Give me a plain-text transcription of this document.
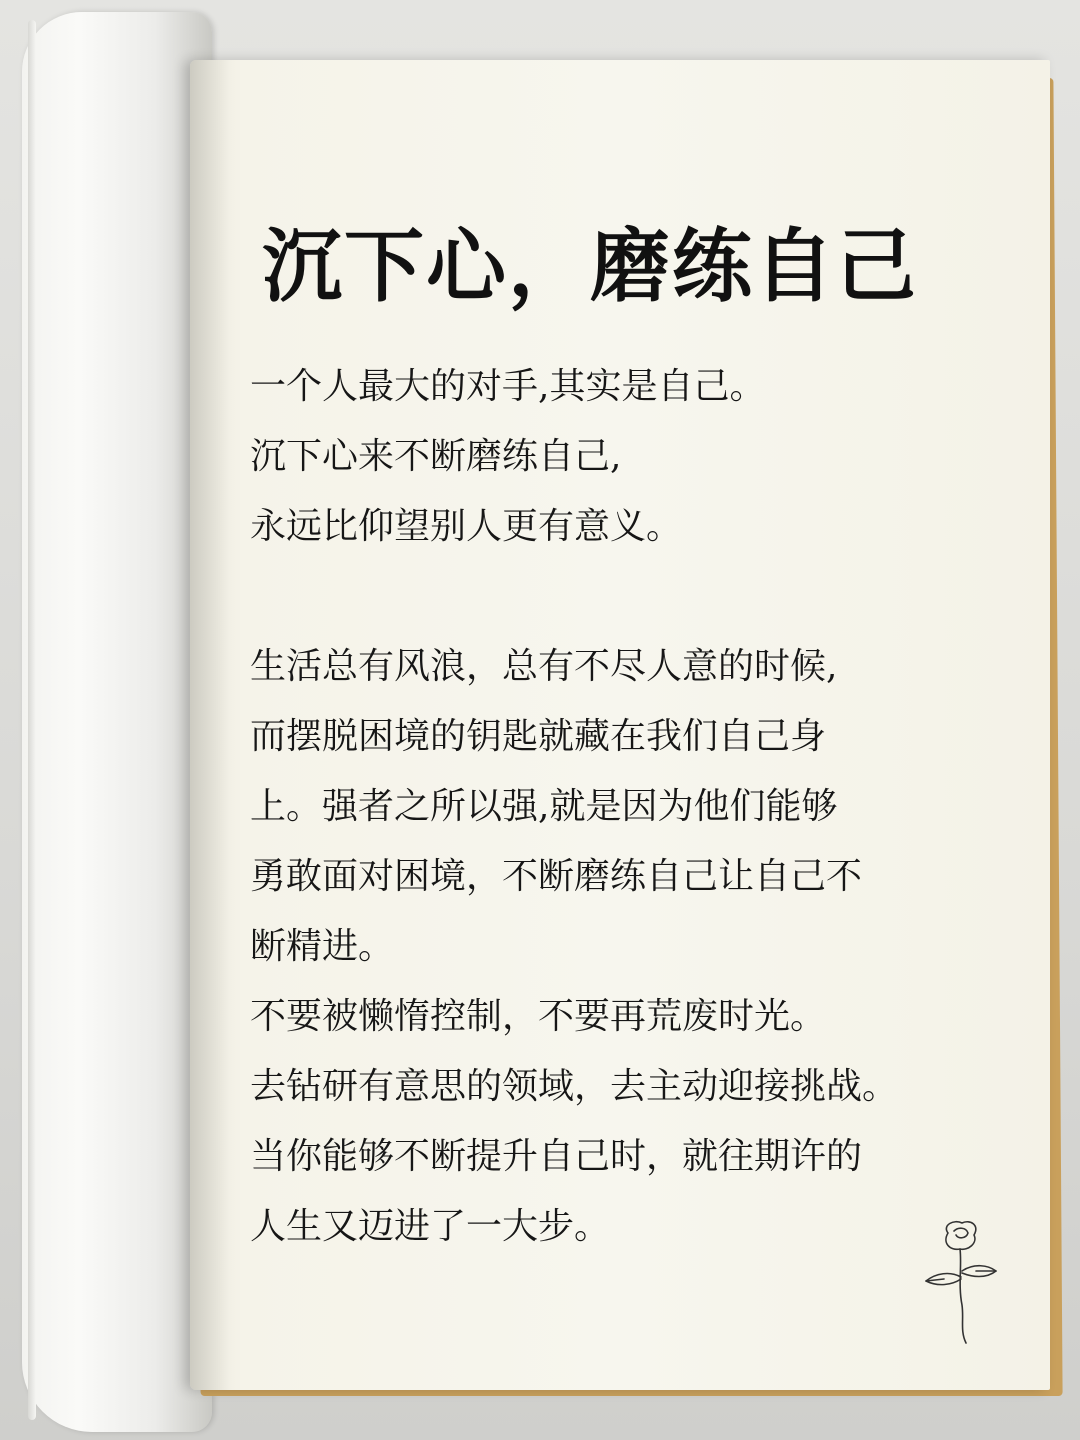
沉下心，磨练自己
一个人最大的对手,其实是自己。
沉下心来不断磨练自己,
永远比仰望别人更有意义。
生活总有风浪，总有不尽人意的时候,
而摆脱困境的钥匙就藏在我们自己身
上。强者之所以强,就是因为他们能够
勇敢面对困境，不断磨练自己让自己不
断精进。
不要被懒惰控制，不要再荒废时光。
去钻研有意思的领域，去主动迎接挑战。
当你能够不断提升自己时，就往期许的
人生又迈进了一大步。
